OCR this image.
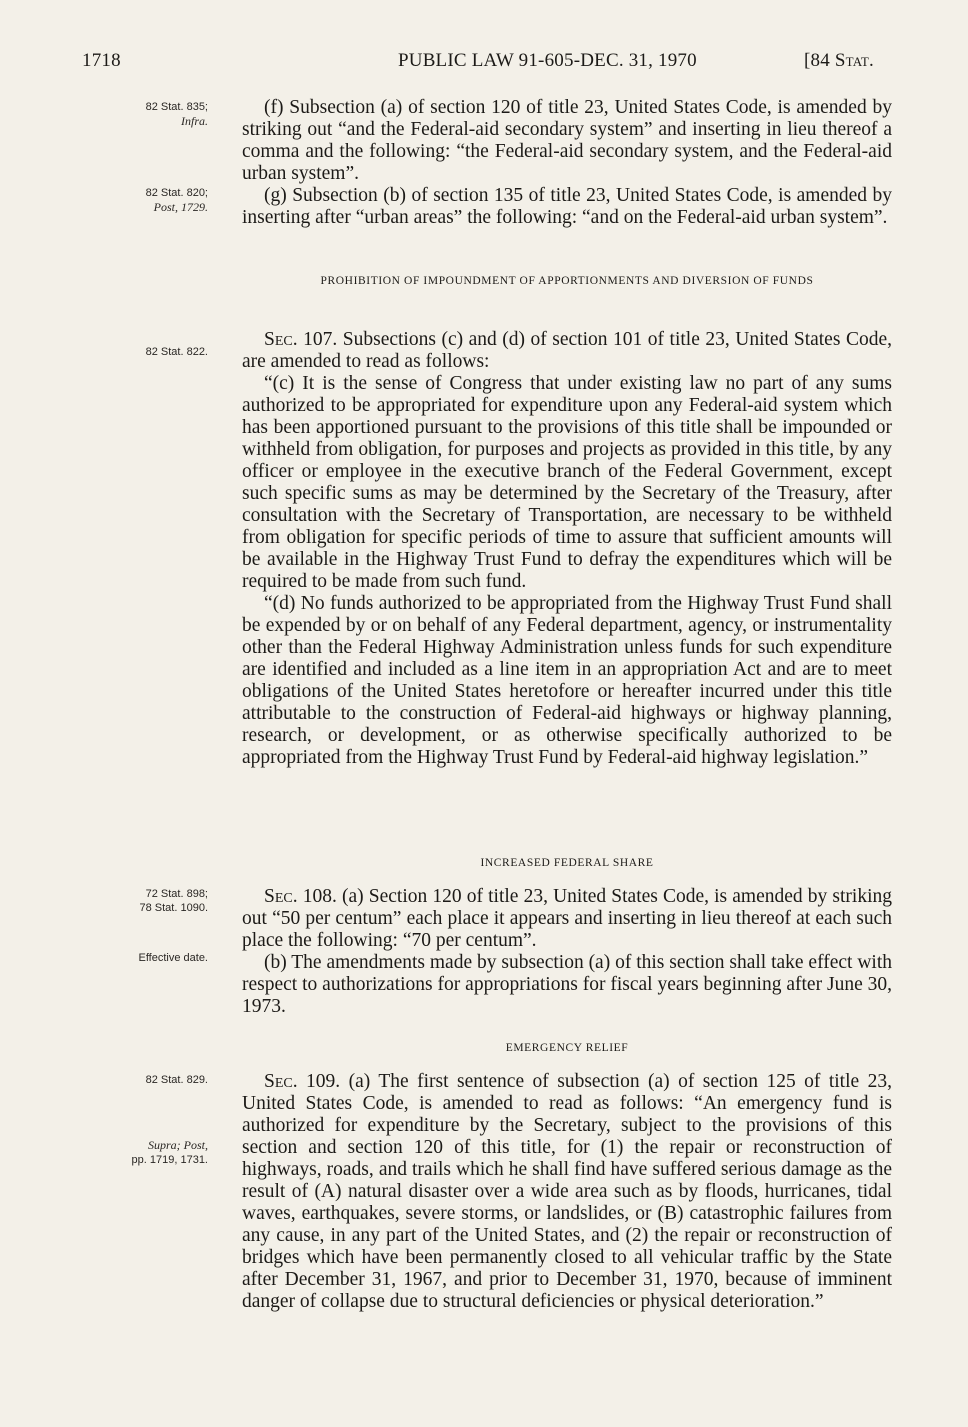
1718	PUBLIC LAW 91-605-DEC. 31, 1970	[84 Stat.
82 Stat. 835;
Infra.
82 Stat. 820;
Post, 1729.
82 Stat. 822.
72 Stat. 898;
78 Stat. 1090.
Effective date.
82 Stat. 829.
Supra; Post,
pp. 1719, 1731.

(f) Subsection (a) of section 120 of title 23, United States Code, is amended by striking out “and the Federal-aid secondary system” and inserting in lieu thereof a comma and the following: “the Federal-aid secondary system, and the Federal-aid urban system”.

(g) Subsection (b) of section 135 of title 23, United States Code, is amended by inserting after “urban areas” the following: “and on the Federal-aid urban system”.

PROHIBITION OF IMPOUNDMENT OF APPORTIONMENTS AND DIVERSION OF FUNDS

Sec. 107. Subsections (c) and (d) of section 101 of title 23, United States Code, are amended to read as follows:

“(c) It is the sense of Congress that under existing law no part of any sums authorized to be appropriated for expenditure upon any Federal-aid system which has been apportioned pursuant to the provisions of this title shall be impounded or withheld from obligation, for purposes and projects as provided in this title, by any officer or employee in the executive branch of the Federal Government, except such specific sums as may be determined by the Secretary of the Treasury, after consultation with the Secretary of Transportation, are necessary to be withheld from obligation for specific periods of time to assure that sufficient amounts will be available in the Highway Trust Fund to defray the expenditures which will be required to be made from such fund.

“(d) No funds authorized to be appropriated from the Highway Trust Fund shall be expended by or on behalf of any Federal department, agency, or instrumentality other than the Federal Highway Administration unless funds for such expenditure are identified and included as a line item in an appropriation Act and are to meet obligations of the United States heretofore or hereafter incurred under this title attributable to the construction of Federal-aid highways or highway planning, research, or development, or as otherwise specifically authorized to be appropriated from the Highway Trust Fund by Federal-aid highway legislation.”

INCREASED FEDERAL SHARE

Sec. 108. (a) Section 120 of title 23, United States Code, is amended by striking out “50 per centum” each place it appears and inserting in lieu thereof at each such place the following: “70 per centum”.

(b) The amendments made by subsection (a) of this section shall take effect with respect to authorizations for appropriations for fiscal years beginning after June 30, 1973.

EMERGENCY RELIEF

Sec. 109. (a) The first sentence of subsection (a) of section 125 of title 23, United States Code, is amended to read as follows: “An emergency fund is authorized for expenditure by the Secretary, subject to the provisions of this section and section 120 of this title, for (1) the repair or reconstruction of highways, roads, and trails which he shall find have suffered serious damage as the result of (A) natural disaster over a wide area such as by floods, hurricanes, tidal waves, earthquakes, severe storms, or landslides, or (B) catastrophic failures from any cause, in any part of the United States, and (2) the repair or reconstruction of bridges which have been permanently closed to all vehicular traffic by the State after December 31, 1967, and prior to December 31, 1970, because of imminent danger of collapse due to structural deficiencies or physical deterioration.”
